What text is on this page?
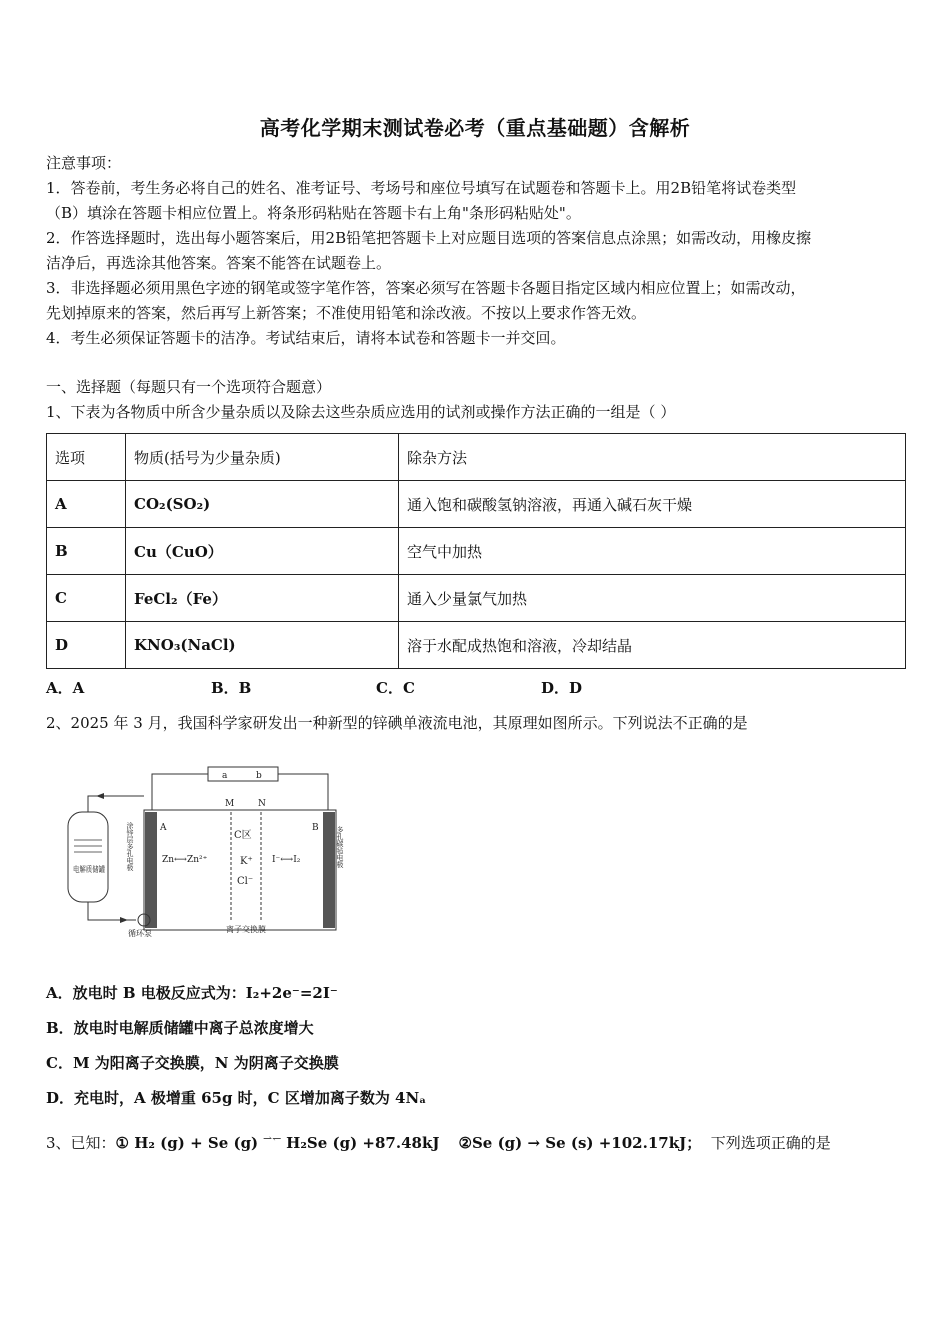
高考化学期末测试卷必考（重点基础题）含解析
注意事项：
1．答卷前，考生务必将自己的姓名、准考证号、考场号和座位号填写在试题卷和答题卡上。用2B铅笔将试卷类型
（B）填涂在答题卡相应位置上。将条形码粘贴在答题卡右上角"条形码粘贴处"。
2．作答选择题时，选出每小题答案后，用2B铅笔把答题卡上对应题目选项的答案信息点涂黑；如需改动，用橡皮擦
洁净后，再选涂其他答案。答案不能答在试题卷上。
3．非选择题必须用黑色字迹的钢笔或签字笔作答，答案必须写在答题卡各题目指定区域内相应位置上；如需改动，
先划掉原来的答案，然后再写上新答案；不准使用铅笔和涂改液。不按以上要求作答无效。
4．考生必须保证答题卡的洁净。考试结束后，请将本试卷和答题卡一并交回。
一、选择题（每题只有一个选项符合题意）
1、下表为各物质中所含少量杂质以及除去这些杂质应选用的试剂或操作方法正确的一组是（ ）
选项	物质(括号为少量杂质)	除杂方法
A	CO₂(SO₂)	通入饱和碳酸氢钠溶液，再通入碱石灰干燥
B	Cu（CuO）	空气中加热
C	FeCl₂（Fe）	通入少量氯气加热
D	KNO₃(NaCl)	溶于水配成热饱和溶液，冷却结晶
A．A	B．B	C．C	D．D
2、2025 年 3 月，我国科学家研发出一种新型的锌碘单液流电池，其原理如图所示。下列说法不正确的是
a	b
M	N
A	B
Zn⟷Zn²⁺	I⁻⟷I₂
C区
K⁺
Cl⁻
涂锌层多孔电极	多孔碳毡电极
电解质储罐
循环泵	离子交换膜
A．放电时 B 电极反应式为：I₂+2e⁻=2I⁻
B．放电时电解质储罐中离子总浓度增大
C．M 为阳离子交换膜，N 为阴离子交换膜
D．充电时，A 极增重 65g 时，C 区增加离子数为 4Nₐ
3、已知：① H₂ (g) + Se (g) ⇀↽ H₂Se (g) +87.48kJ ②Se (g) → Se (s) +102.17kJ； 下列选项正确的是
